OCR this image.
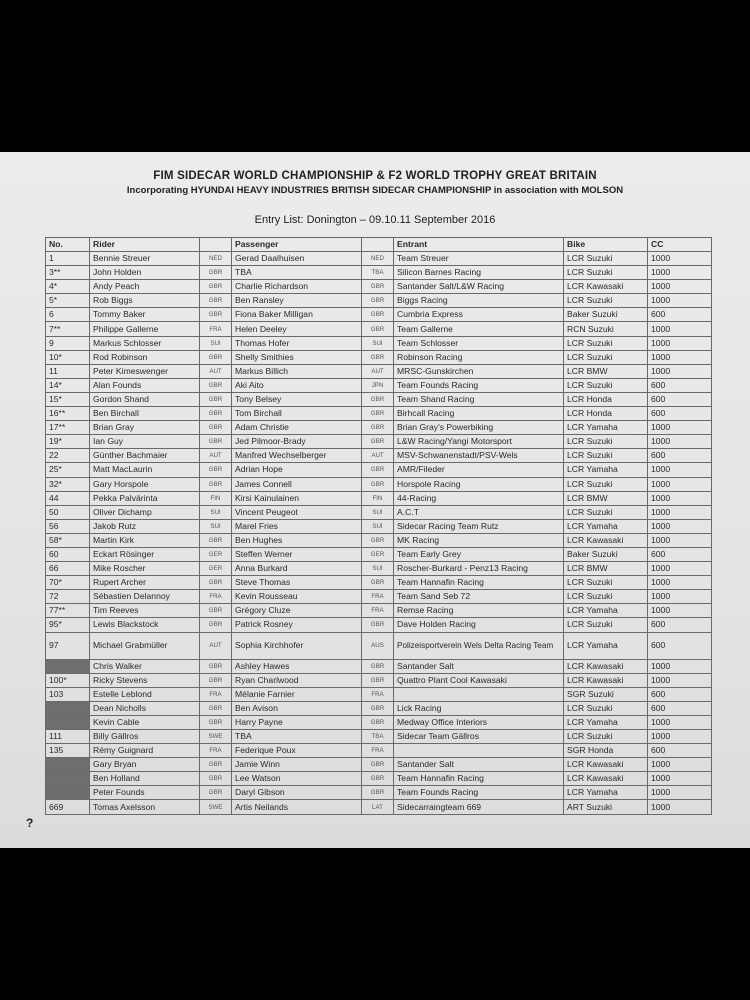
FIM SIDECAR WORLD CHAMPIONSHIP & F2 WORLD TROPHY GREAT BRITAIN
Incorporating HYUNDAI HEAVY INDUSTRIES BRITISH SIDECAR CHAMPIONSHIP in association with MOLSON
Entry List: Donington – 09.10.11 September 2016
No.	Rider		Passenger		Entrant	Bike	CC
1	Bennie Streuer	NED	Gerad Daalhuisen	NED	Team Streuer	LCR Suzuki	1000
3**	John Holden	GBR	TBA	TBA	Silicon Barnes Racing	LCR Suzuki	1000
4*	Andy Peach	GBR	Charlie Richardson	GBR	Santander Salt/L&W Racing	LCR Kawasaki	1000
5*	Rob Biggs	GBR	Ben Ransley	GBR	Biggs Racing	LCR Suzuki	1000
6	Tommy Baker	GBR	Fiona Baker Milligan	GBR	Cumbria Express	Baker Suzuki	600
7**	Philippe Gallerne	FRA	Helen Deeley	GBR	Team Gallerne	RCN Suzuki	1000
9	Markus Schlosser	SUI	Thomas Hofer	SUI	Team Schlosser	LCR Suzuki	1000
10*	Rod Robinson	GBR	Shelly Smithies	GBR	Robinson Racing	LCR Suzuki	1000
11	Peter Kimeswenger	AUT	Markus Billich	AUT	MRSC-Gunskirchen	LCR BMW	1000
14*	Alan Founds	GBR	Aki Aito	JPN	Team Founds Racing	LCR Suzuki	600
15*	Gordon Shand	GBR	Tony Belsey	GBR	Team Shand Racing	LCR Honda	600
16**	Ben Birchall	GBR	Tom Birchall	GBR	Birhcall Racing	LCR Honda	600
17**	Brian Gray	GBR	Adam Christie	GBR	Brian Gray's Powerbiking	LCR Yamaha	1000
19*	Ian Guy	GBR	Jed Pilmoor-Brady	GBR	L&W Racing/Yangi Motorsport	LCR Suzuki	1000
22	Günther Bachmaier	AUT	Manfred Wechselberger	AUT	MSV-Schwanenstadt/PSV-Wels	LCR Suzuki	600
25*	Matt MacLaurin	GBR	Adrian Hope	GBR	AMR/Fileder	LCR Yamaha	1000
32*	Gary Horspole	GBR	James Connell	GBR	Horspole Racing	LCR Suzuki	1000
44	Pekka Palvärinta	FIN	Kirsi Kainulainen	FIN	44-Racing	LCR BMW	1000
50	Oliver Dichamp	SUI	Vincent Peugeot	SUI	A.C.T	LCR Suzuki	1000
56	Jakob Rutz	SUI	Marel Fries	SUI	Sidecar Racing Team Rutz	LCR Yamaha	1000
58*	Martin Kirk	GBR	Ben Hughes	GBR	MK Racing	LCR Kawasaki	1000
60	Eckart Rösinger	GER	Steffen Werner	GER	Team Early Grey	Baker Suzuki	600
66	Mike Roscher	GER	Anna Burkard	SUI	Roscher-Burkard - Penz13 Racing	LCR BMW	1000
70*	Rupert Archer	GBR	Steve Thomas	GBR	Team Hannafin Racing	LCR Suzuki	1000
72	Sébastien Delannoy	FRA	Kevin Rousseau	FRA	Team Sand Seb 72	LCR Suzuki	1000
77**	Tim Reeves	GBR	Grégory Cluze	FRA	Remse Racing	LCR Yamaha	1000
95*	Lewis Blackstock	GBR	Patrick Rosney	GBR	Dave Holden Racing	LCR Suzuki	600
97	Michael Grabmüller	AUT	Sophia Kirchhofer	AUS	Polizeisportverein Wels Delta Racing Team	LCR Yamaha	600
	Chris Walker	GBR	Ashley Hawes	GBR	Santander Salt	LCR Kawasaki	1000
100*	Ricky Stevens	GBR	Ryan Charlwood	GBR	Quattro Plant Cool Kawasaki	LCR Kawasaki	1000
103	Estelle Leblond	FRA	Mélanie Farnier	FRA		SGR Suzuki	600
	Dean Nicholls	GBR	Ben Avison	GBR	Lick Racing	LCR Suzuki	600
	Kevin Cable	GBR	Harry Payne	GBR	Medway Office Interiors	LCR Yamaha	1000
111	Billy Gällros	SWE	TBA	TBA	Sidecar Team Gällros	LCR Suzuki	1000
135	Rémy Guignard	FRA	Federique Poux	FRA		SGR Honda	600
	Gary Bryan	GBR	Jamie Winn	GBR	Santander Salt	LCR Kawasaki	1000
	Ben Holland	GBR	Lee Watson	GBR	Team Hannafin Racing	LCR Kawasaki	1000
	Peter Founds	GBR	Daryl Gibson	GBR	Team Founds Racing	LCR Yamaha	1000
669	Tomas Axelsson	SWE	Artis Neilands	LAT	Sidecarraingteam 669	ART Suzuki	1000
?
